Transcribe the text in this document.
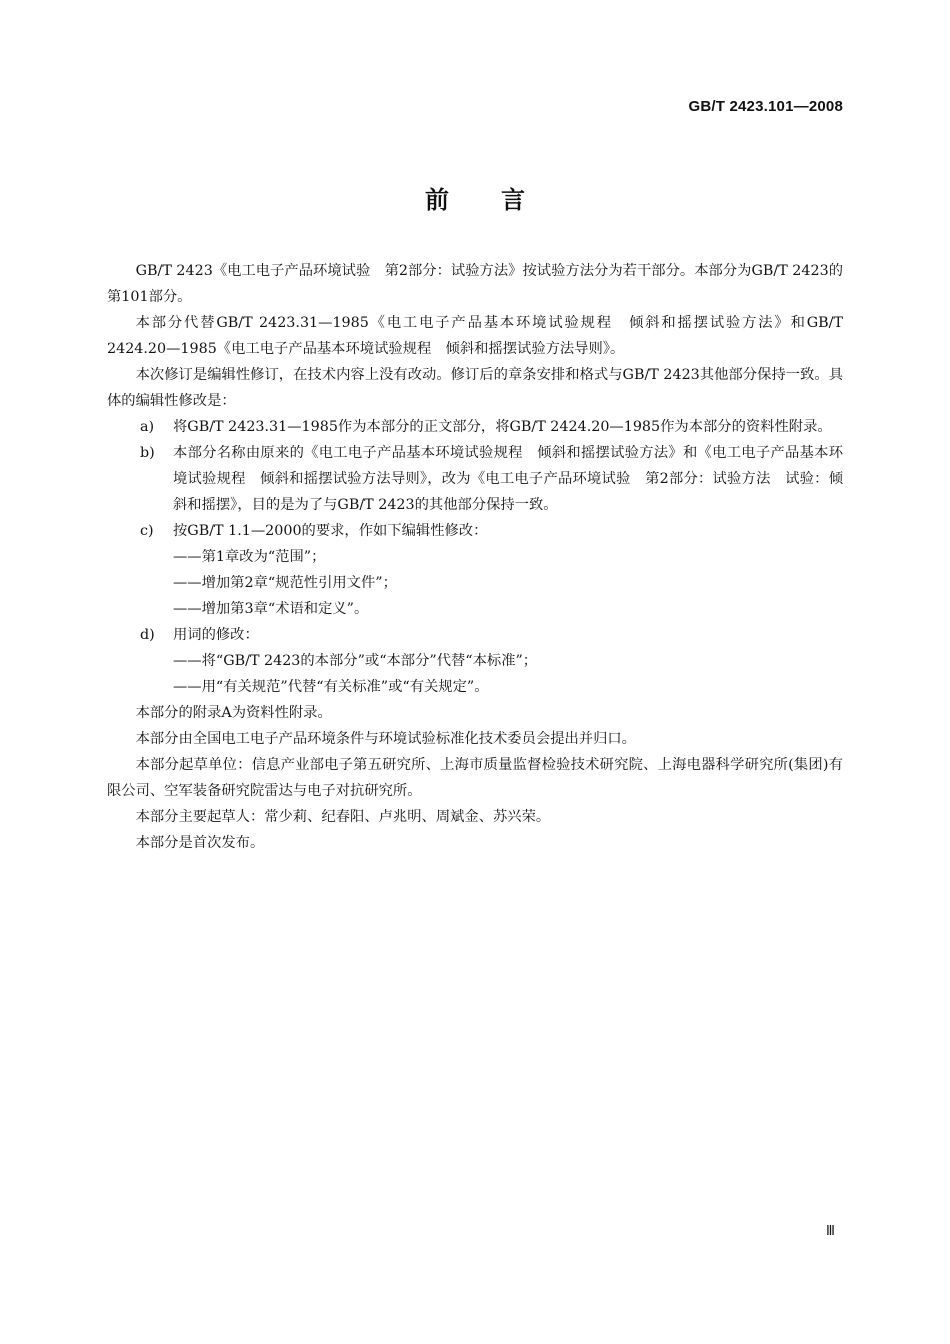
GB/T 2423.101—2008
前 言

GB/T 2423《电工电子产品环境试验　第2部分：试验方法》按试验方法分为若干部分。本部分为GB/T 2423的第101部分。

本部分代替GB/T 2423.31—1985《电工电子产品基本环境试验规程　倾斜和摇摆试验方法》和GB/T 2424.20—1985《电工电子产品基本环境试验规程　倾斜和摇摆试验方法导则》。

本次修订是编辑性修订，在技术内容上没有改动。修订后的章条安排和格式与GB/T 2423其他部分保持一致。具体的编辑性修改是：

a) 将GB/T 2423.31—1985作为本部分的正文部分，将GB/T 2424.20—1985作为本部分的资料性附录。
b) 本部分名称由原来的《电工电子产品基本环境试验规程　倾斜和摇摆试验方法》和《电工电子产品基本环境试验规程　倾斜和摇摆试验方法导则》，改为《电工电子产品环境试验　第2部分：试验方法　试验：倾斜和摇摆》，目的是为了与GB/T 2423的其他部分保持一致。
c) 按GB/T 1.1—2000的要求，作如下编辑性修改：

——第1章改为“范围”；

——增加第2章“规范性引用文件”；

——增加第3章“术语和定义”。

d) 用词的修改：

——将“GB/T 2423的本部分”或“本部分”代替“本标准”；

——用“有关规范”代替“有关标准”或“有关规定”。

本部分的附录A为资料性附录。

本部分由全国电工电子产品环境条件与环境试验标准化技术委员会提出并归口。

本部分起草单位：信息产业部电子第五研究所、上海市质量监督检验技术研究院、上海电器科学研究所(集团)有限公司、空军装备研究院雷达与电子对抗研究所。

本部分主要起草人：常少莉、纪春阳、卢兆明、周斌金、苏兴荣。

本部分是首次发布。

Ⅲ
